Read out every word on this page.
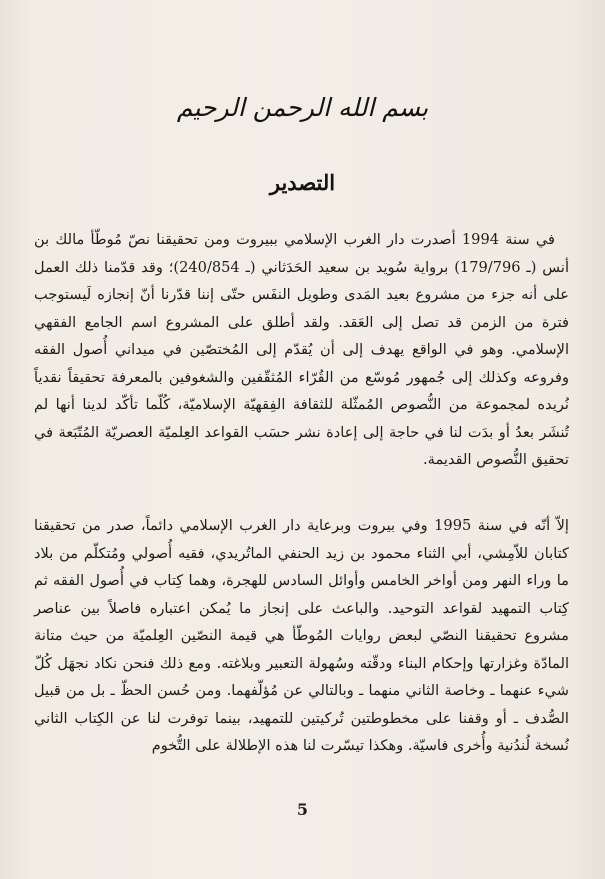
بسم الله الرحمن الرحيم
التصدير

في سنة 1994 أصدرت دار الغرب الإسلامي ببيروت ومن تحقيقنا نصّ مُوطّأ مالك بن أنس (ـ 179/796) برواية سُويد بن سعيد الحَدَثاني (ـ 240/854)؛ وقد قدّمنا ذلك العمل على أنه جزء من مشروع بعيد المَدى وطويل النفَس حتّى إننا قدّرنا أنّ إنجازه لَيستوجب فترة من الزمن قد تصل إلى العَقد. ولقد أطلق على المشروع اسم الجامع الفقهي الإسلامي. وهو في الواقع يهدف إلى أن يُقدّم إلى المُختصّين في ميداني أُصول الفقه وفروعه وكذلك إلى جُمهور مُوسّع من القُرّاء المُثقّفين والشغوفين بالمعرفة تحقيقاً نقدياً نُريده لمجموعة من النُّصوص المُمثّلة للثقافة الفِقهيّة الإسلاميّة، كُلّما تأكّد لدينا أنها لم تُنشَر بعدُ أو بدَت لنا في حاجة إلى إعادة نشر حسَب القواعد العِلميّة العصريّة المُتّبَعة في تحقيق النُّصوص القديمة.

إلاّ أنّه في سنة 1995 وفي بيروت وبرعاية دار الغرب الإسلامي دائماً، صدر من تحقيقنا كتابان للاّمِشي، أبي الثناء محمود بن زيد الحنفي الماتُريدي، فقيه أُصولي ومُتكلّم من بلاد ما وراء النهر ومن أواخر الخامس وأوائل السادس للهجرة، وهما كِتاب في أُصول الفقه ثم كِتاب التمهيد لقواعد التوحيد. والباعث على إنجاز ما يُمكن اعتباره فاصلاً بين عناصر مشروع تحقيقنا النصّي لبعض روايات المُوطّأ هي قيمة النصّين العِلميّة من حيث متانة المادّة وغزارتها وإحكام البناء ودقّته وسُهولة التعبير وبلاغته. ومع ذلك فنحن نكاد نجهَل كُلّ شيء عنهما ـ وخاصة الثاني منهما ـ وبالتالي عن مُؤلّفهما. ومن حُسن الحظّ ـ بل من قبيل الصُّدف ـ أو وقفنا على مخطوطتين تُركيتين للتمهيد، بينما توفرت لنا عن الكِتاب الثاني نُسخة لُندُنية وأُخرى فاسيّة. وهكذا تيسّرت لنا هذه الإطلالة على التُّخوم

5
